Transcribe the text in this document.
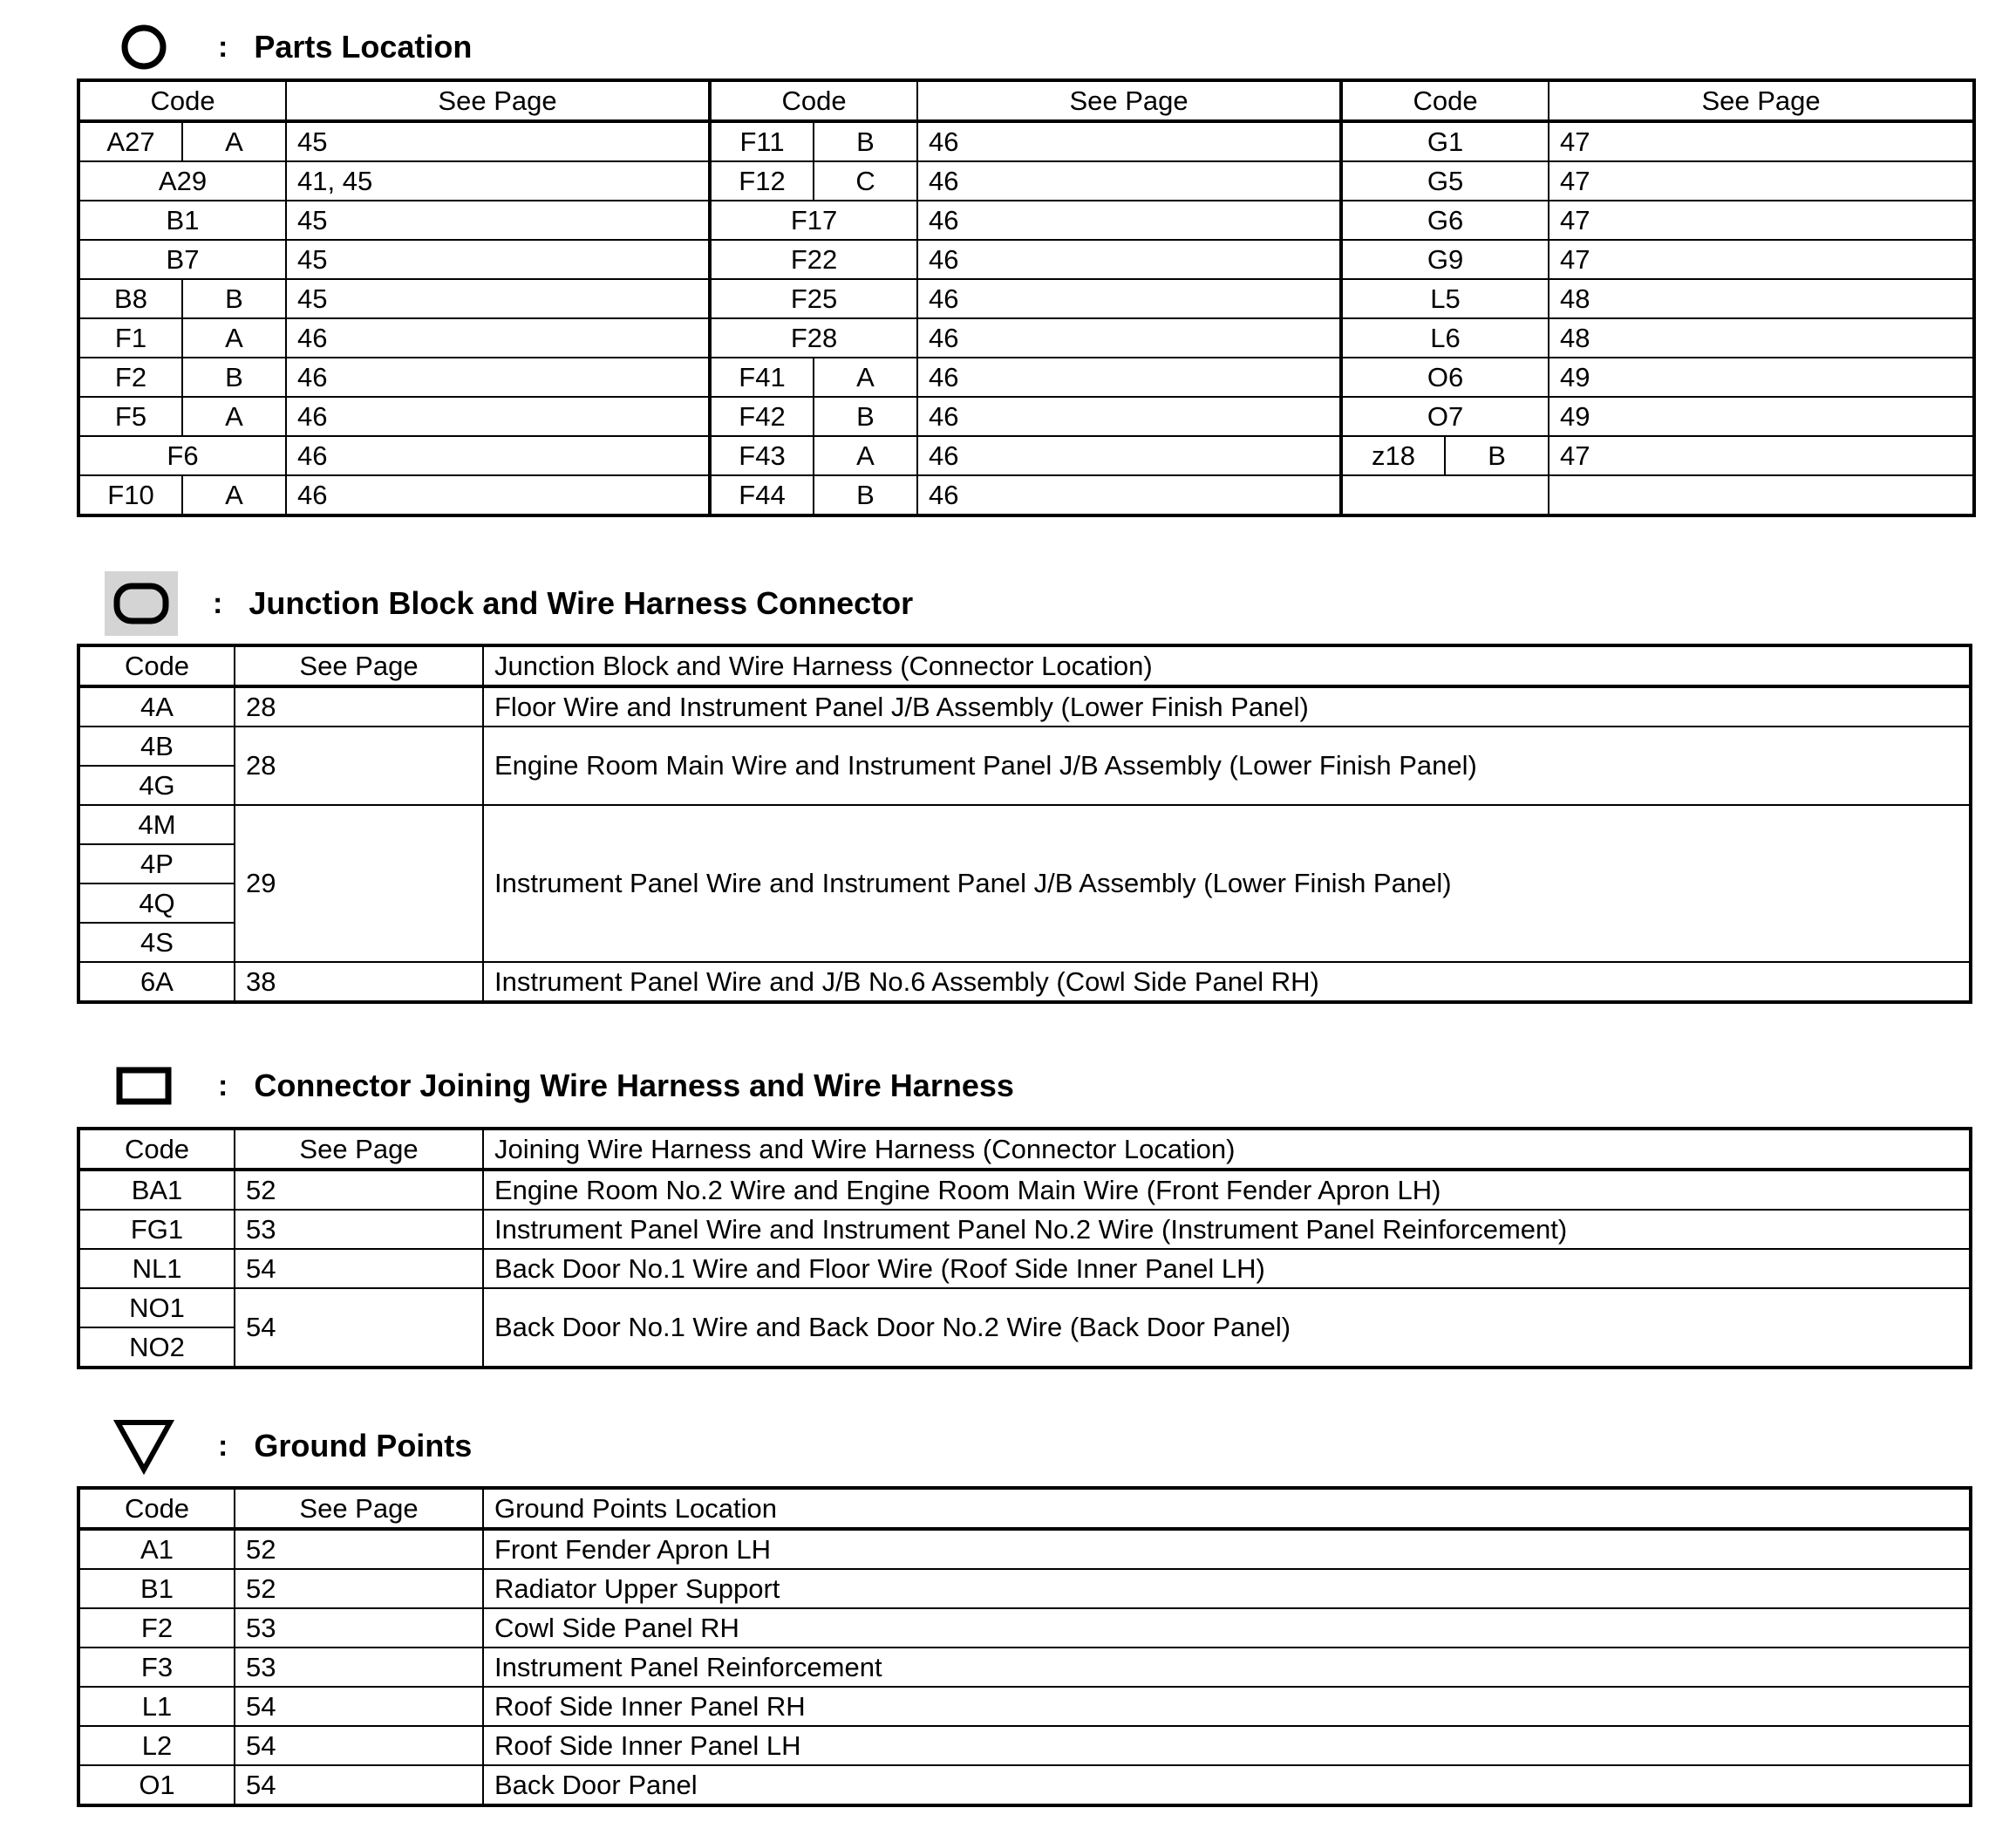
: Parts Location
Code		See Page	Code		See Page	Code		See Page
A27	A	45	F11	B	46	G1		47
A29		41, 45	F12	C	46	G5		47
B1		45	F17		46	G6		47
B7		45	F22		46	G9		47
B8	B	45	F25		46	L5		48
F1	A	46	F28		46	L6		48
F2	B	46	F41	A	46	O6		49
F5	A	46	F42	B	46	O7		49
F6		46	F43	A	46	z18	B	47
F10	A	46	F44	B	46			
: Junction Block and Wire Harness Connector
Code	See Page	Junction Block and Wire Harness (Connector Location)
4A	28	Floor Wire and Instrument Panel J/B Assembly (Lower Finish Panel)
4B	28	Engine Room Main Wire and Instrument Panel J/B Assembly (Lower Finish Panel)
4G		
4M	29	Instrument Panel Wire and Instrument Panel J/B Assembly (Lower Finish Panel)
4P		
4Q		
4S		
6A	38	Instrument Panel Wire and J/B No.6 Assembly (Cowl Side Panel RH)
: Connector Joining Wire Harness and Wire Harness
Code	See Page	Joining Wire Harness and Wire Harness (Connector Location)
BA1	52	Engine Room No.2 Wire and Engine Room Main Wire (Front Fender Apron LH)
FG1	53	Instrument Panel Wire and Instrument Panel No.2 Wire (Instrument Panel Reinforcement)
NL1	54	Back Door No.1 Wire and Floor Wire (Roof Side Inner Panel LH)
NO1	54	Back Door No.1 Wire and Back Door No.2 Wire (Back Door Panel)
NO2		
: Ground Points
Code	See Page	Ground Points Location
A1	52	Front Fender Apron LH
B1	52	Radiator Upper Support
F2	53	Cowl Side Panel RH
F3	53	Instrument Panel Reinforcement
L1	54	Roof Side Inner Panel RH
L2	54	Roof Side Inner Panel LH
O1	54	Back Door Panel
